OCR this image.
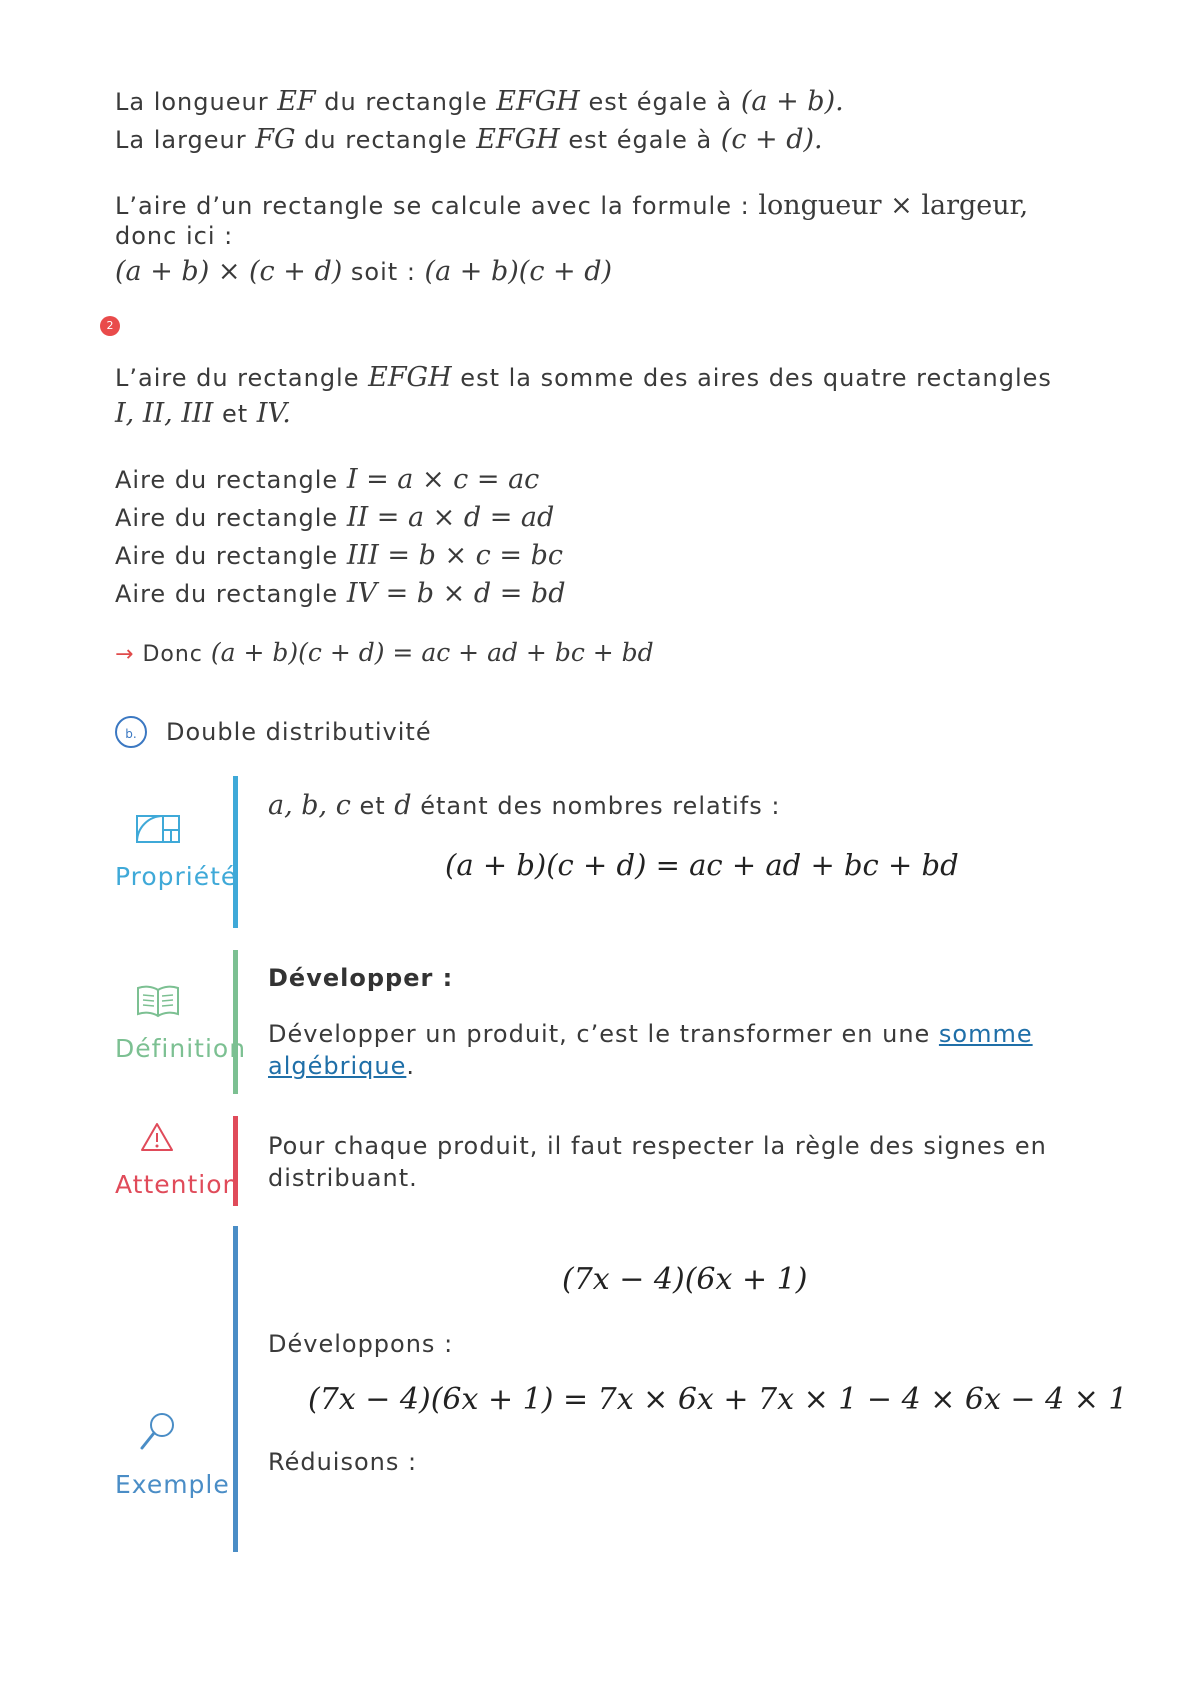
La longueur EF du rectangle EFGH est égale à (a + b).
La largeur FG du rectangle EFGH est égale à (c + d).
L’aire d’un rectangle se calcule avec la formule : longueur × largeur,
donc ici :
(a + b) × (c + d) soit : (a + b)(c + d)
2
L’aire du rectangle EFGH est la somme des aires des quatre rectangles
I, II, III et IV.
Aire du rectangle I = a × c = ac
Aire du rectangle II = a × d = ad
Aire du rectangle III = b × c = bc
Aire du rectangle IV = b × d = bd
→ Donc (a + b)(c + d) = ac + ad + bc + bd
b.	Double distributivité
Propriété
a, b, c et d étant des nombres relatifs :
(a + b)(c + d) = ac + ad + bc + bd
Définition
Développer :
Développer un produit, c’est le transformer en une somme
algébrique.
Attention
Pour chaque produit, il faut respecter la règle des signes en
distribuant.
Exemple
(7x − 4)(6x + 1)
Développons :
(7x − 4)(6x + 1) = 7x × 6x + 7x × 1 − 4 × 6x − 4 × 1
Réduisons :
